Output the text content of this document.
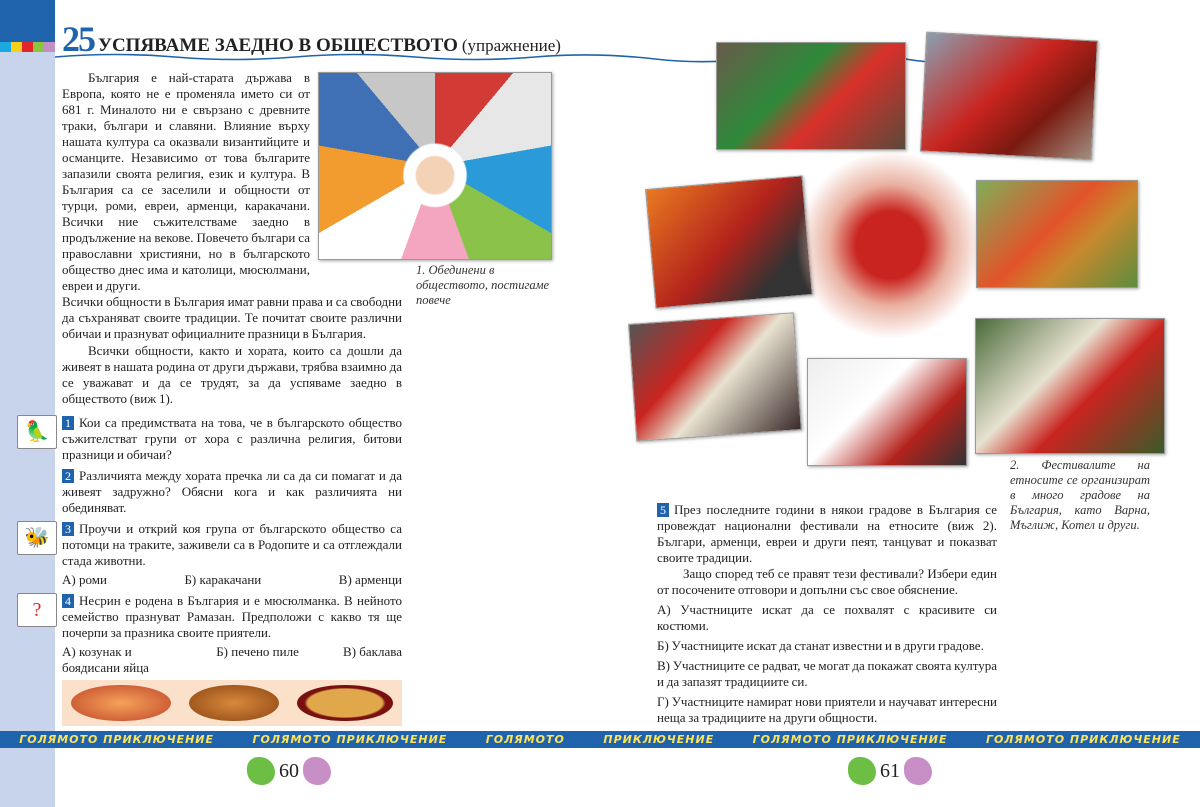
25 УСПЯВАМЕ ЗАЕДНО В ОБЩЕСТВОТО (упражнение)
1. Обединени в обществото, постигаме повече

България е най-старата държава в Европа, която не е променяла името си от 681 г. Миналото ни е свързано с древните траки, българи и славяни. Влияние върху нашата култура са оказвали византийците и османците. Независимо от това българите запазили своята религия, език и култура. В България са се заселили и общности от турци, роми, евреи, арменци, каракачани. Всички ние съжителстваме заедно в продължение на векове. Повечето българи са православни християни, но в българското общество днес има и католици, мюсюлмани, евреи и други.

Всички общности в България имат равни права и са свободни да съхраняват своите традиции. Те почитат своите различни обичаи и празнуват официалните празници в България.

Всички общности, както и хората, които са дошли да живеят в нашата родина от други държави, трябва взаимно да се уважават и да се трудят, за да успяваме заедно в обществото (виж 1).

🦜	1 Кои са предимствата на това, че в българското общество съжителстват групи от хора с различна религия, битови празници и обичаи?

2 Различията между хората пречка ли са да си помагат и да живеят задружно? Обясни кога и как различията ни обединяват.

🐝	3 Проучи и открий коя група от българското общество са потомци на траките, заживели са в Родопите и са отглеждали стада животни.

А) роми	Б) каракачани	В) арменци
?	4 Несрин е родена в България и е мюсюлманка. В нейното семейство празнуват Рамазан. Предположи с какво тя ще почерпи за празника своите приятели.

А) козунак и боядисани яйца
Б) печено пиле	В) баклава
2. Фестивалите на етносите се организират в много градове на България, като Варна, Мъглиж, Котел и други.

5 През последните години в някои градове в България се провеждат национални фестивали на етносите (виж 2). Българи, арменци, евреи и други пеят, танцуват и показват своите традиции.

Защо според теб се правят тези фестивали? Избери един от посочените отговори и допълни със свое обяснение.

А) Участниците искат да се похвалят с красивите си костюми.

Б) Участниците искат да станат известни и в други градове.

В) Участниците се радват, че могат да покажат своята култура и да запазят традициите си.

Г) Участниците намират нови приятели и научават интересни неща за традициите на други общности.

ГОЛЯМОТО ПРИКЛЮЧЕНИЕ	ГОЛЯМОТО ПРИКЛЮЧЕНИЕ	ГОЛЯМОТО	ПРИКЛЮЧЕНИЕ	ГОЛЯМОТО ПРИКЛЮЧЕНИЕ	ГОЛЯМОТО ПРИКЛЮЧЕНИЕ
60	61
